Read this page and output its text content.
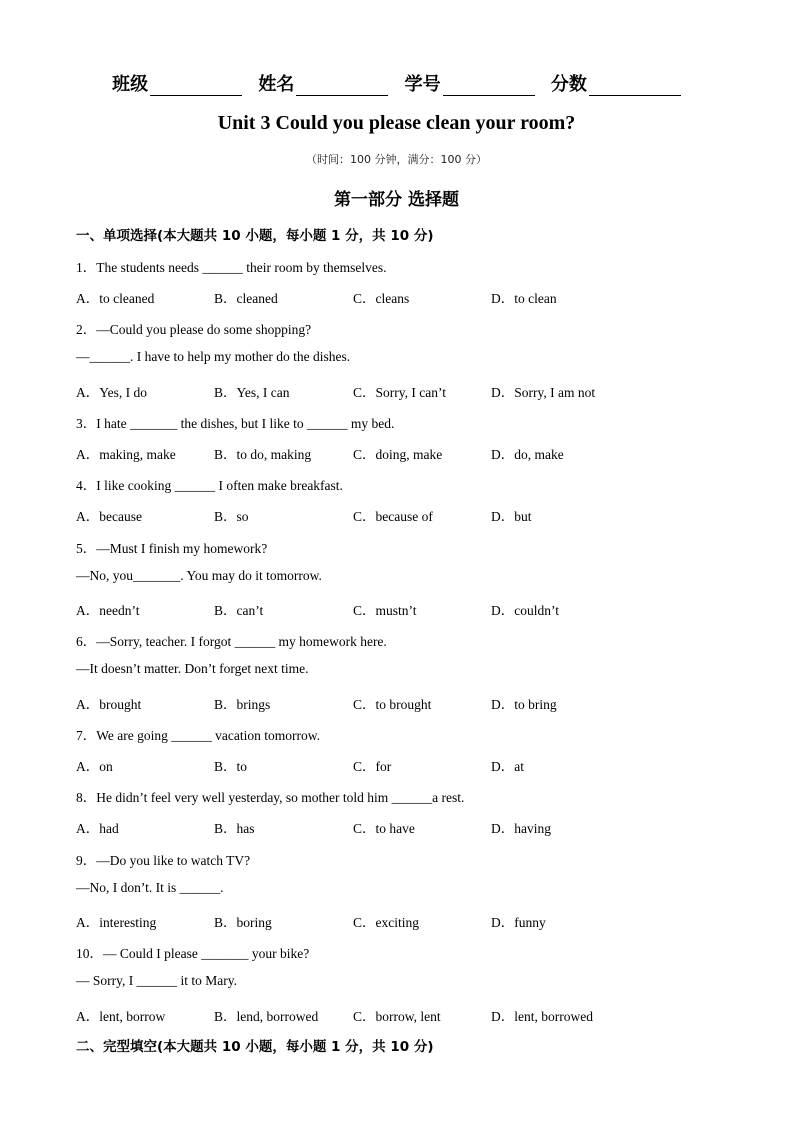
班级	姓名	学号	分数
Unit 3 Could you please clean your room?
（时间：100 分钟，满分：100 分）
第一部分 选择题
一、单项选择(本大题共 10 小题，每小题 1 分，共 10 分)
1．The students needs ______ their room by themselves.
A．to cleaned	B．cleaned	C．cleans	D．to clean
2．—Could you please do some shopping?
—______. I have to help my mother do the dishes.
A．Yes, I do	B．Yes, I can	C．Sorry, I can’t	D．Sorry, I am not
3．I hate _______ the dishes, but I like to ______ my bed.
A．making, make	B．to do, making	C．doing, make	D．do, make
4．I like cooking ______ I often make breakfast.
A．because	B．so	C．because of	D．but
5．—Must I finish my homework?
—No, you_______. You may do it tomorrow.
A．needn’t	B．can’t	C．mustn’t	D．couldn’t
6．—Sorry, teacher. I forgot ______ my homework here.
—It doesn’t matter. Don’t forget next time.
A．brought	B．brings	C．to brought	D．to bring
7．We are going ______ vacation tomorrow.
A．on	B．to	C．for	D．at
8．He didn’t feel very well yesterday, so mother told him ______a rest.
A．had	B．has	C．to have	D．having
9．—Do you like to watch TV?
—No, I don’t. It is ______.
A．interesting	B．boring	C．exciting	D．funny
10．— Could I please _______ your bike?
— Sorry, I ______ it to Mary.
A．lent, borrow	B．lend, borrowed	C．borrow, lent	D．lent, borrowed
二、完型填空(本大题共 10 小题，每小题 1 分，共 10 分)
